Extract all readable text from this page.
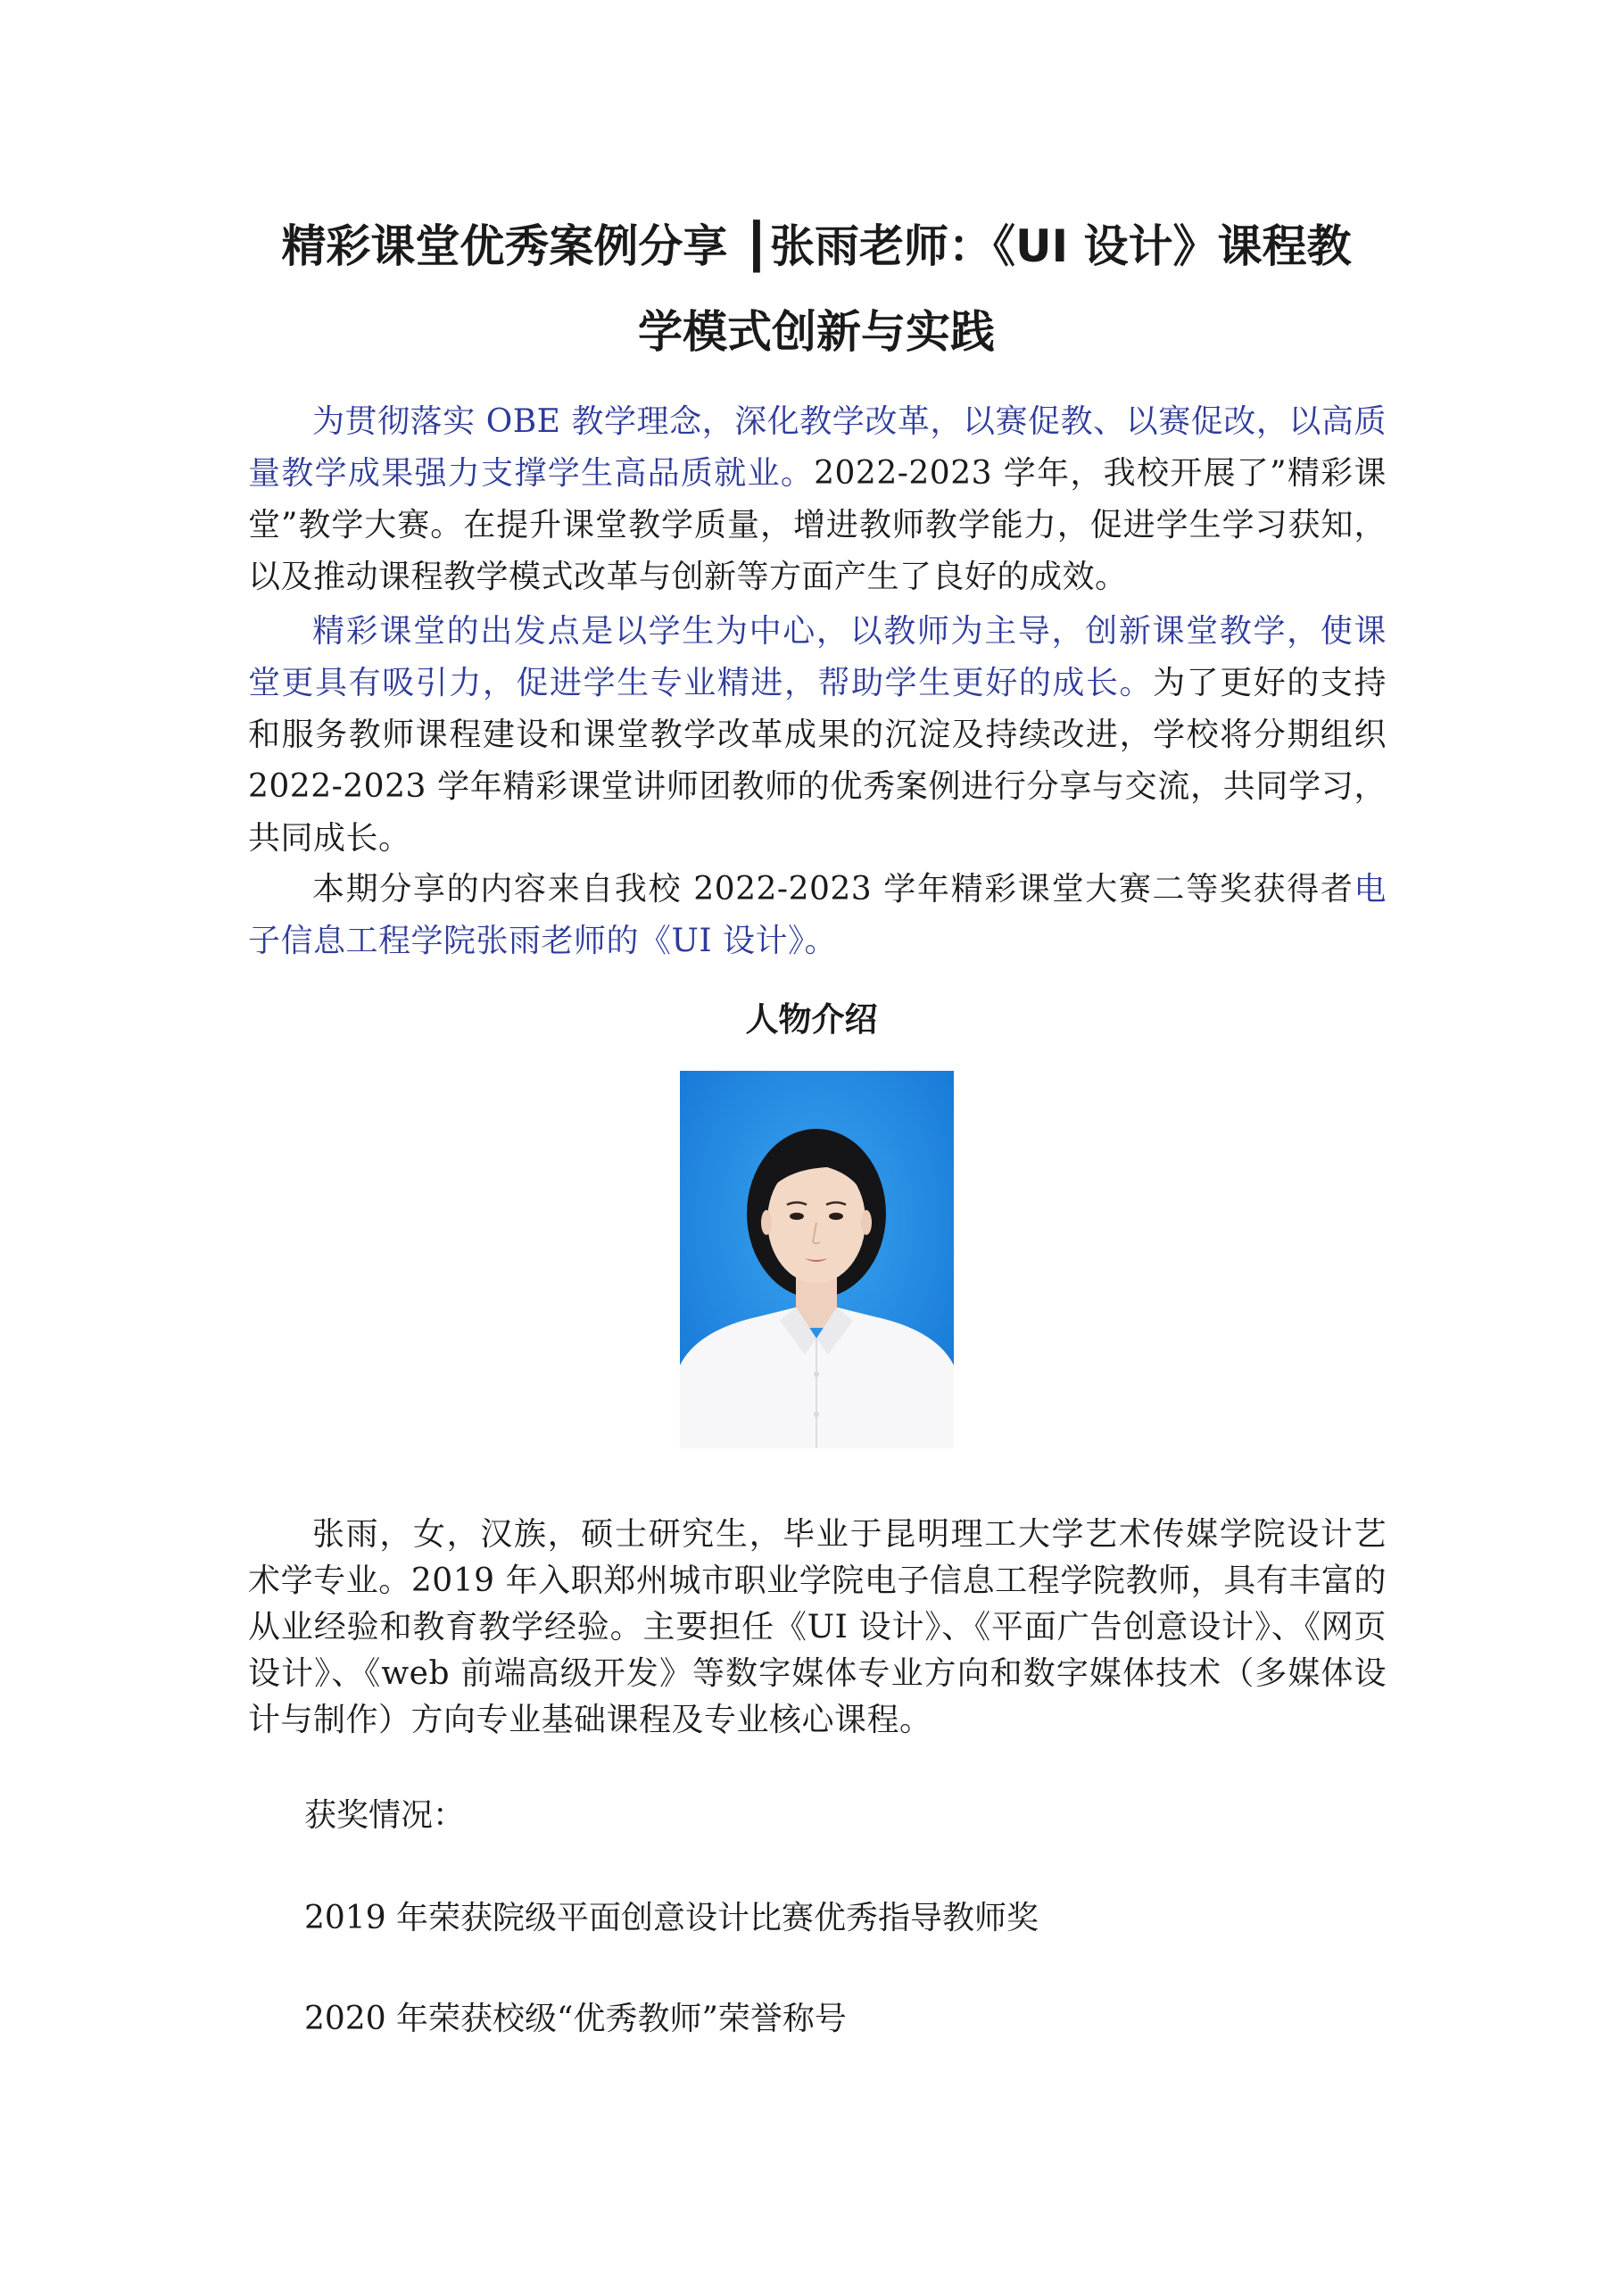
精彩课堂优秀案例分享 ┃张雨老师：《UI 设计》课程教
学模式创新与实践

为贯彻落实 OBE 教学理念，深化教学改革，以赛促教、以赛促改，以高质量教学成果强力支撑学生高品质就业。2022-2023 学年，我校开展了”精彩课堂”教学大赛。在提升课堂教学质量，增进教师教学能力，促进学生学习获知，以及推动课程教学模式改革与创新等方面产生了良好的成效。

精彩课堂的出发点是以学生为中心，以教师为主导，创新课堂教学，使课堂更具有吸引力，促进学生专业精进，帮助学生更好的成长。为了更好的支持和服务教师课程建设和课堂教学改革成果的沉淀及持续改进，学校将分期组织 2022-2023 学年精彩课堂讲师团教师的优秀案例进行分享与交流，共同学习，共同成长。

本期分享的内容来自我校 2022-2023 学年精彩课堂大赛二等奖获得者电子信息工程学院张雨老师的《UI 设计》。

人物介绍

张雨，女，汉族，硕士研究生，毕业于昆明理工大学艺术传媒学院设计艺术学专业。2019 年入职郑州城市职业学院电子信息工程学院教师，具有丰富的从业经验和教育教学经验。主要担任《UI 设计》、《平面广告创意设计》、《网页设计》、《web 前端高级开发》等数字媒体专业方向和数字媒体技术（多媒体设计与制作）方向专业基础课程及专业核心课程。

获奖情况：

2019 年荣获院级平面创意设计比赛优秀指导教师奖

2020 年荣获校级“优秀教师”荣誉称号
